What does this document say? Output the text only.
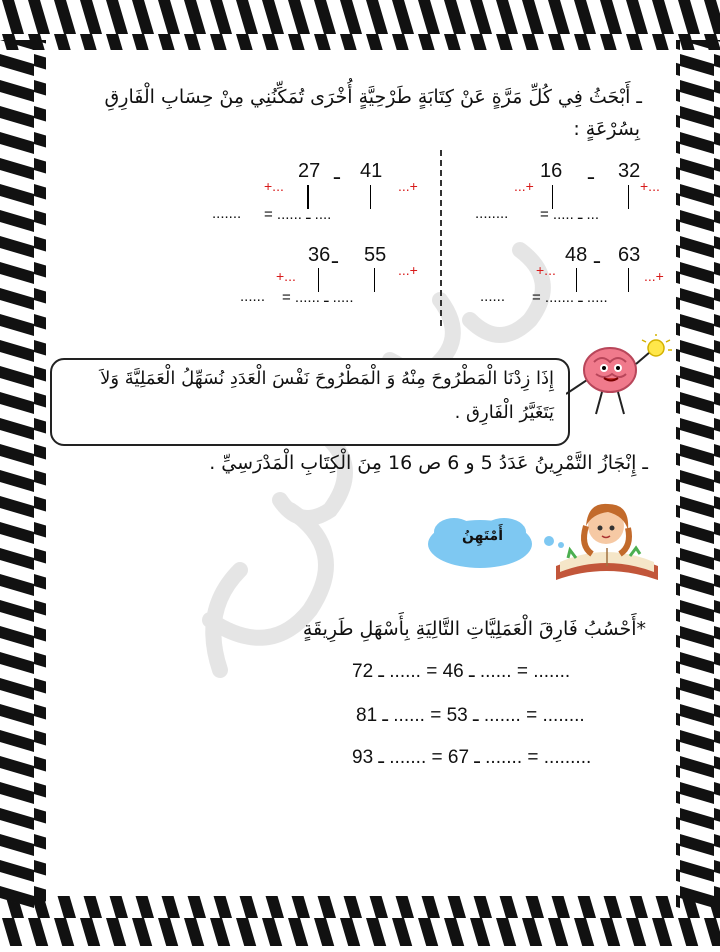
ـ أَبْحَثُ فِي كُلِّ مَرَّةٍ عَنْ كِتَابَةٍ طَرْحِيَّةٍ أُخْرَى تُمَكِّنُنِي مِنْ حِسَابِ الْفَارِقِ
بِسُرْعَةٍ :
32
ـ
16
+...
...+
........ = ..... ـ ...
41
ـ
27
...+
+...
....... = ...... ـ ....
63
ـ
48
...+
+...
...... = ....... ـ .....
55
ـ
36
...+
+...
...... = ...... ـ .....
إِذَا زِدْنَا الْمَطْرُوحَ مِنْهُ وَ الْمَطْرُوحَ نَفْسَ الْعَدَدِ نُسَهِّلُ الْعَمَلِيَّةَ وَلاَ
يَتَغَيَّرُ الْفَارِق .
ـ إِنْجَازُ التَّمْرِينُ عَدَدُ 5 و 6 ص 16 مِنَ الْكِتَابِ الْمَدْرَسِيِّ .
أَمْتَهِنُ
*أَحْسُبُ فَارِقَ الْعَمَلِيَّاتِ التَّالِيَةِ بِأَسْهَلِ طَرِيقَةٍ
72 ـ 46 = ...... ـ ...... = .......
81 ـ 53 = ...... ـ ....... = ........
93 ـ 67 = ....... ـ ....... = .........
